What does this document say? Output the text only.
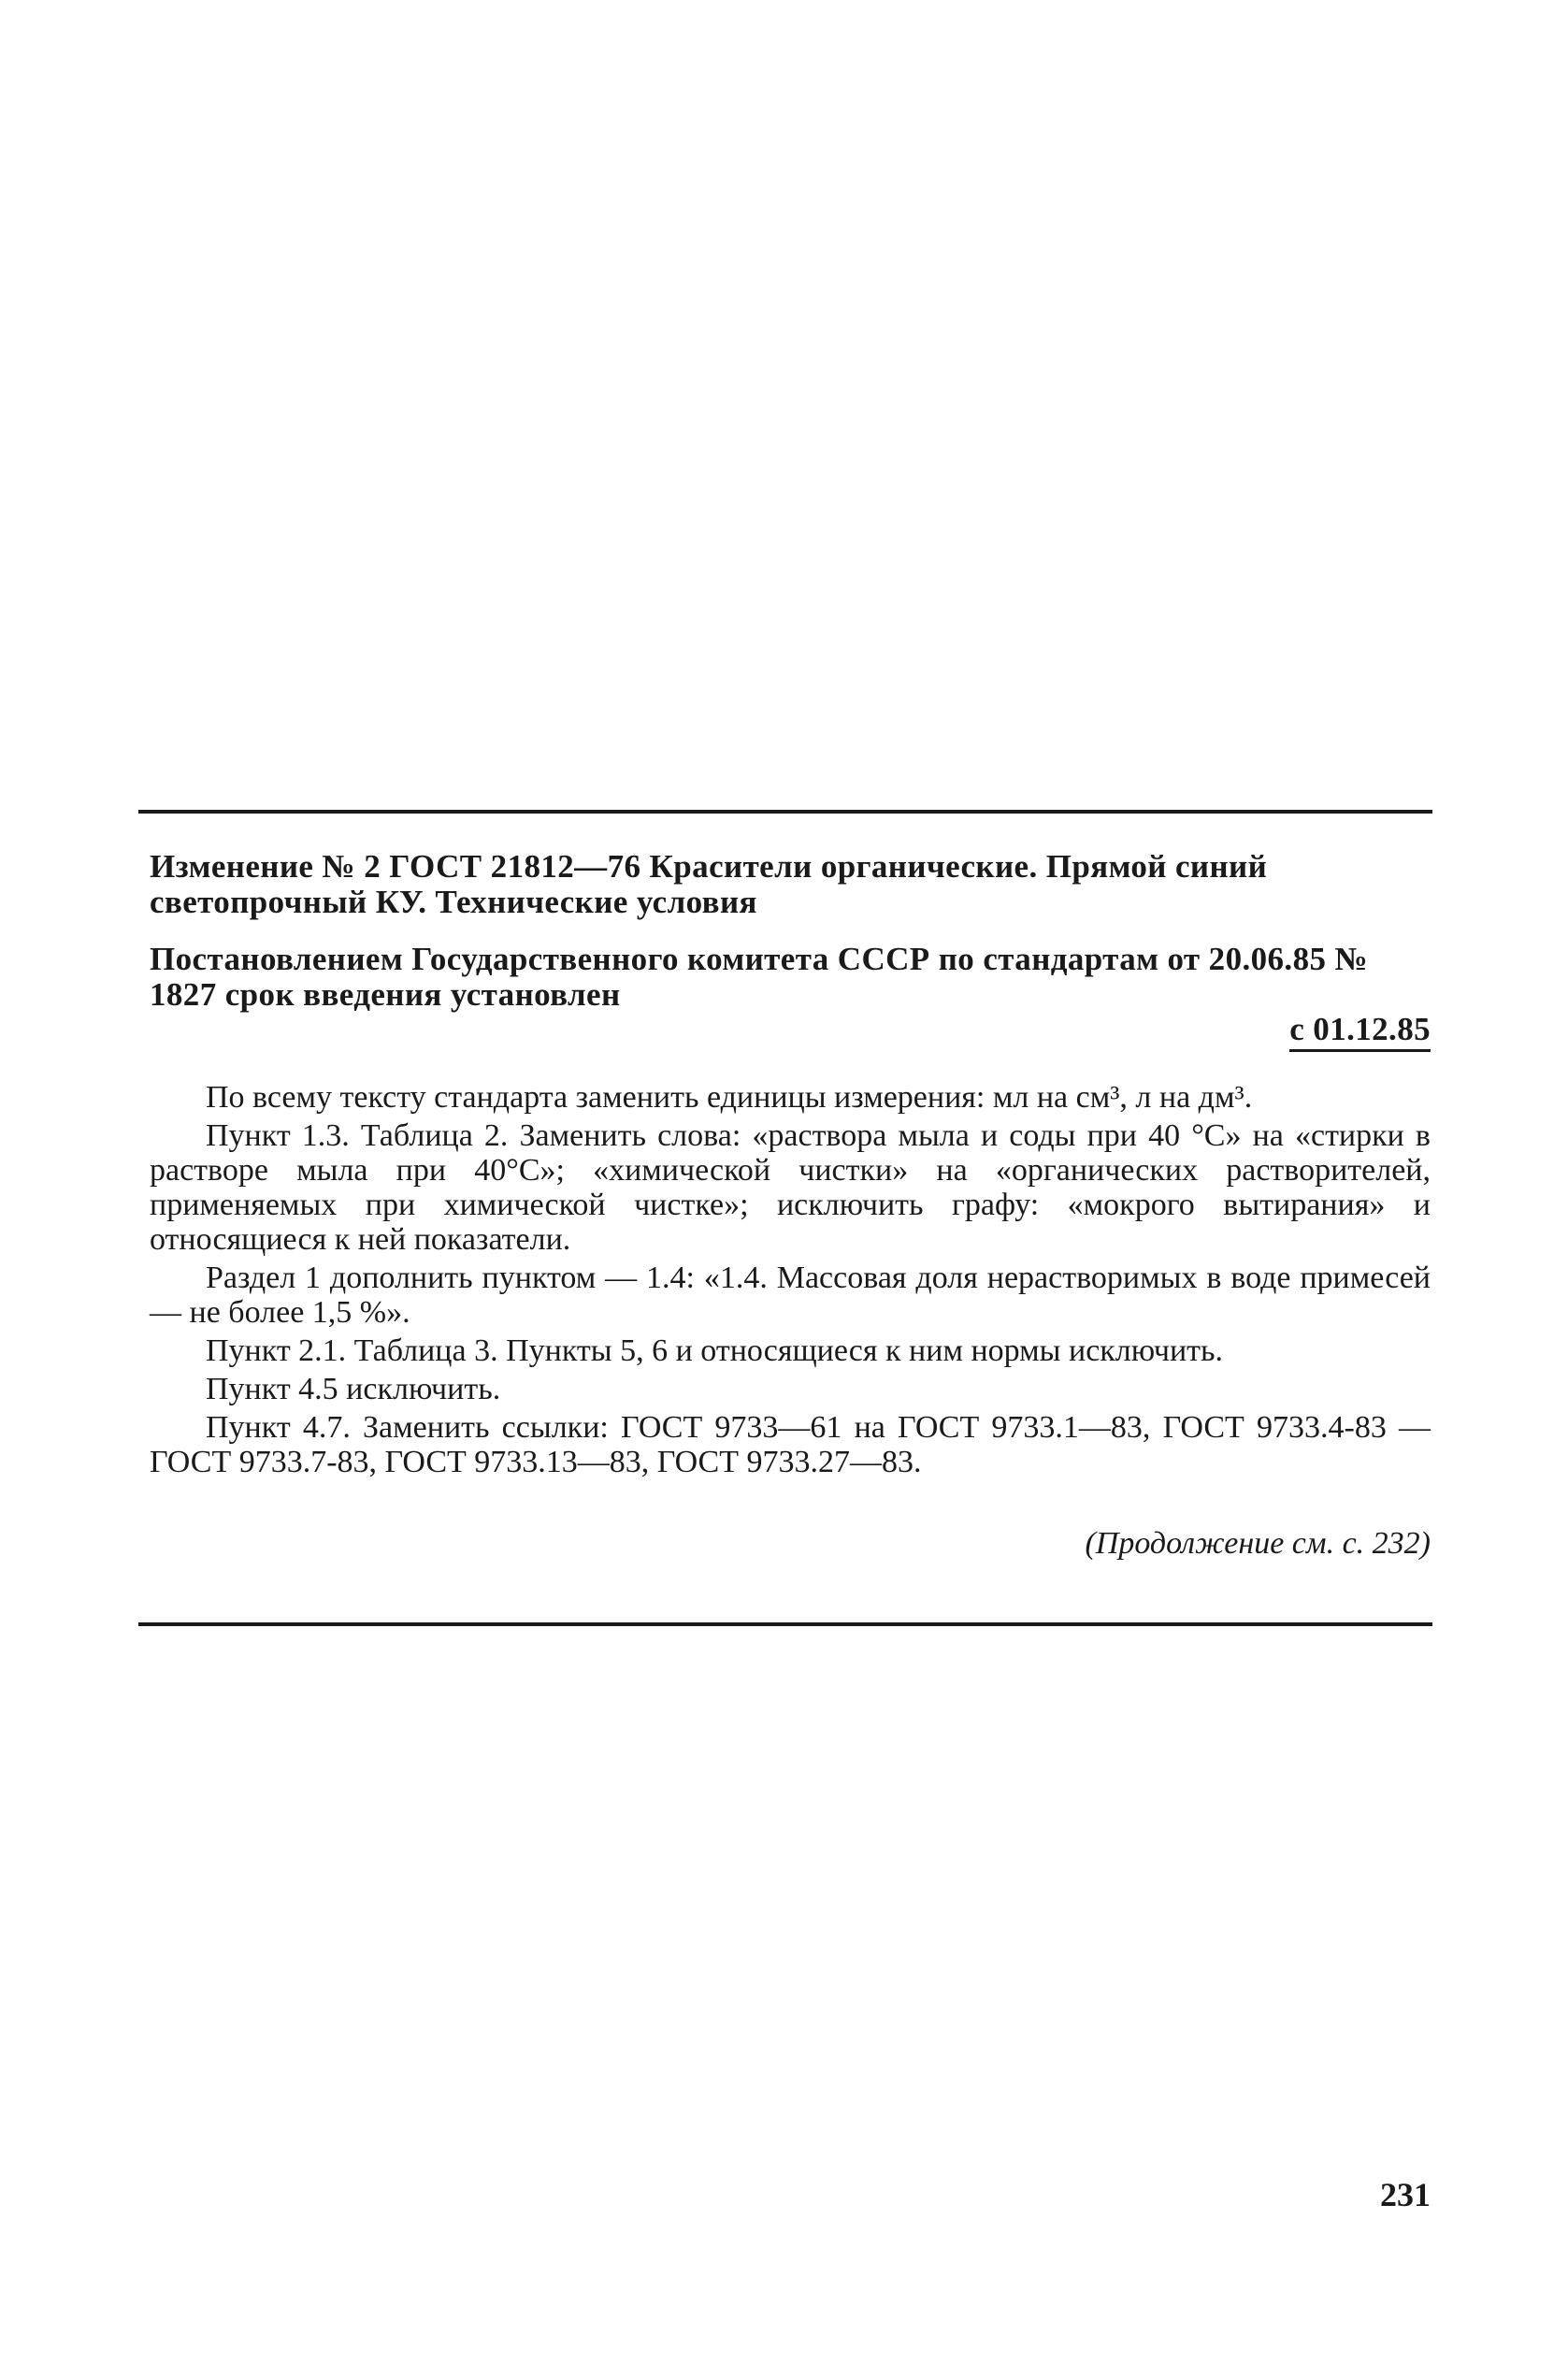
Изменение № 2 ГОСТ 21812—76 Красители органические. Прямой синий светопрочный КУ. Технические условия
Постановлением Государственного комитета СССР по стандартам от 20.06.85 № 1827 срок введения установлен
с 01.12.85

По всему тексту стандарта заменить единицы измерения: мл на см³, л на дм³.

Пункт 1.3. Таблица 2. Заменить слова: «раствора мыла и соды при 40 °С» на «стирки в растворе мыла при 40°С»; «химической чистки» на «органических растворителей, применяемых при химической чистке»; исключить графу: «мокрого вытирания» и относящиеся к ней показатели.

Раздел 1 дополнить пунктом — 1.4: «1.4. Массовая доля нерастворимых в воде примесей — не более 1,5 %».

Пункт 2.1. Таблица 3. Пункты 5, 6 и относящиеся к ним нормы исключить.

Пункт 4.5 исключить.

Пункт 4.7. Заменить ссылки: ГОСТ 9733—61 на ГОСТ 9733.1—83, ГОСТ 9733.4-83 — ГОСТ 9733.7-83, ГОСТ 9733.13—83, ГОСТ 9733.27—83.

(Продолжение см. с. 232)
231
